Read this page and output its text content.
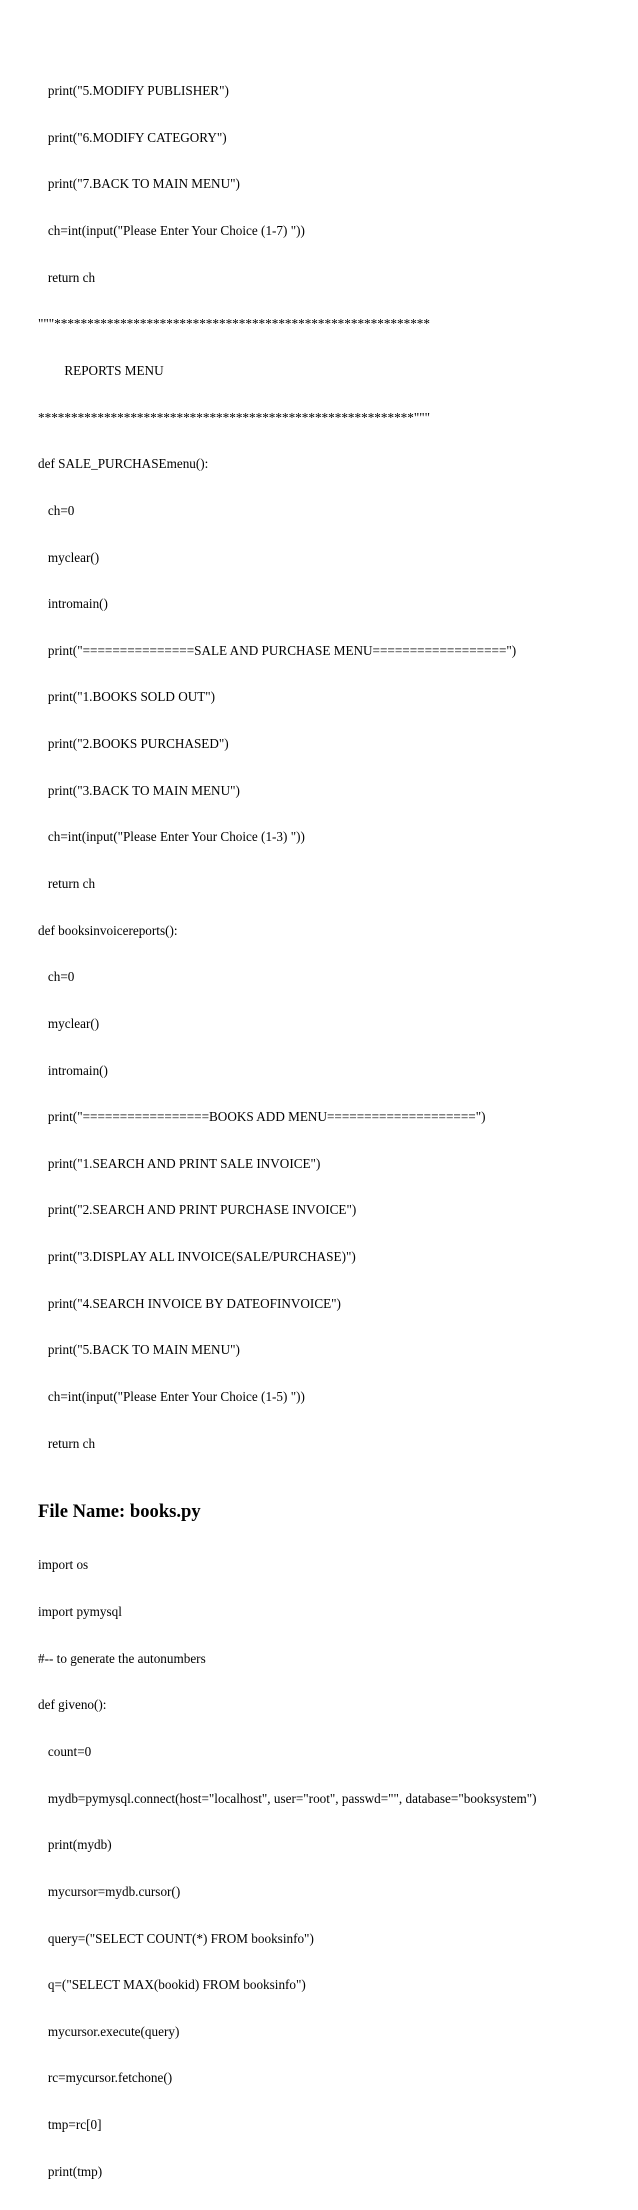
print("5.MODIFY PUBLISHER")

print("6.MODIFY CATEGORY")

print("7.BACK TO MAIN MENU")

ch=int(input("Please Enter Your Choice (1-7) "))

return ch

"""*********************************************************

REPORTS MENU

*********************************************************"""

def SALE_PURCHASEmenu():

ch=0

myclear()

intromain()

print("===============SALE AND PURCHASE MENU==================")

print("1.BOOKS SOLD OUT")

print("2.BOOKS PURCHASED")

print("3.BACK TO MAIN MENU")

ch=int(input("Please Enter Your Choice (1-3) "))

return ch

def booksinvoicereports():

ch=0

myclear()

intromain()

print("=================BOOKS ADD MENU====================")

print("1.SEARCH AND PRINT SALE INVOICE")

print("2.SEARCH AND PRINT PURCHASE INVOICE")

print("3.DISPLAY ALL INVOICE(SALE/PURCHASE)")

print("4.SEARCH INVOICE BY DATEOFINVOICE")

print("5.BACK TO MAIN MENU")

ch=int(input("Please Enter Your Choice (1-5) "))

return ch

File Name: books.py

import os

import pymysql

#-- to generate the autonumbers

def giveno():

count=0

mydb=pymysql.connect(host="localhost", user="root", passwd="", database="booksystem")

print(mydb)

mycursor=mydb.cursor()

query=("SELECT COUNT(*) FROM booksinfo")

q=("SELECT MAX(bookid) FROM booksinfo")

mycursor.execute(query)

rc=mycursor.fetchone()

tmp=rc[0]

print(tmp)
